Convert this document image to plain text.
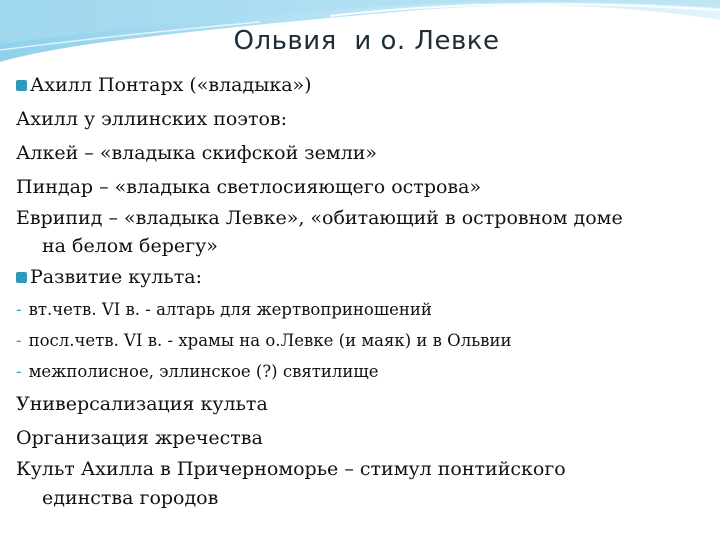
Ольвия  и о. Левке
Ахилл Понтарх («владыка»)
Ахилл у эллинских поэтов:
Алкей – «владыка скифской земли»
Пиндар – «владыка светлосияющего острова»
Еврипид – «владыка Левке», «обитающий в островном доме
на белом берегу»
Развитие культа:
- вт.четв. VI в. - алтарь для жертвоприношений
- посл.четв. VI в. - храмы на о.Левке (и маяк) и в Ольвии
- межполисное, эллинское (?) святилище
Универсализация культа
Организация жречества
Культ Ахилла в Причерноморье – стимул понтийского
единства городов
